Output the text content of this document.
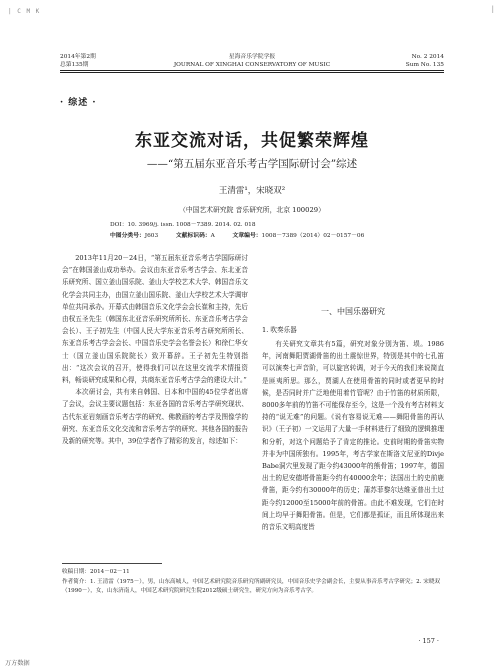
| C M K	|
2014年第2期
总第135期
星海音乐学院学报
JOURNAL OF XINGHAI CONSERVATORY OF MUSIC
No. 2 2014
Sum No. 135
· 综述 ·
东亚交流对话，共促繁荣辉煌
——“第五届东亚音乐考古学国际研讨会”综述
王清雷¹，宋晓双²
（中国艺术研究院 音乐研究所，北京 100029）
DOI：10. 3969/j. issn. 1008－7389. 2014. 02. 018
中图分类号：J603	文献标识码：A	文章编号：1008－7389（2014）02－0157－06

2013年11月20－24日，“第五届东亚音乐考古学国际研讨会”在韩国釜山成功举办。会议由东亚音乐考古学会、东北亚音乐研究所、国立釜山国乐院、釜山大学校艺术大学、韩国音乐文化学会共同主办，由国立釜山国乐院、釜山大学校艺术大学调审单位共同承办。开幕式由韩国音乐文化学会会长崔和主持，先后由权五圣先生（韩国东北亚音乐研究所所长、东亚音乐考古学会会长）、王子初先生（中国人民大学东亚音乐考古研究所所长、东亚音乐考古学会会长、中国音乐史学会名誉会长）和徐仁华女士（国立釜山国乐院院长）致开幕辞。王子初先生特别指出：“这次会议的召开，使得我们可以在这里交流学术情报资料，畅谈研究成果和心得，共商东亚音乐考古学会的建设大计。”

本次研讨会，共有来自韩国、日本和中国的45位学者出席了会议，会议主要议题包括：东亚各国的音乐考古学研究现状、古代东亚岩刻画音乐考古学的研究、佛教画的考古学及图像学的研究、东亚音乐文化交流和音乐考古学的研究、其他各国的报告及新的研究等。其中，39位学者作了精彩的发言，综述如下：

一、中国乐器研究
1. 吹奏乐器

有关研究文章共有5篇，研究对象分别为笛、埙。1986年，河南舞阳贾湖骨笛的出土震惊世界，特别是其中的七孔笛可以演奏七声音阶，可以旋宫转调，对于今天的我们来说简直是匪夷所思。那么，贾湖人在使用骨笛的同时或者更早的时候，是否同时并广泛地使用着竹管呢？由于竹笛的材质所限，8000多年前的竹笛不可能保存至今，这是一个没有考古材料支持的“说无难”的问题。《说有容易说无难——舞阳骨笛的再认识》（王子初）一文运用了大量一手材料进行了细致的逻辑推理和分析，对这个问题给予了肯定的推论。史前时期的骨笛实物并非为中国所独有。1995年，考古学家在斯洛文尼亚的Divje Babe洞穴里发现了距今约43000年的熊骨笛；1997年，德国出土的尼安德塔骨笛距今约有40000余年；法国出土的史前鹿骨笛，距今约有30000年的历史；蒲苏菲黎尔达维亚普出土过距今约12000至15000年前的骨笛。由此不难发现，它们在时间上均早于舞阳骨笛。但是，它们都是孤证，而且所体现出来的音乐文明高度皆

收稿日期：2014－02－11
作者简介：1. 王清雷（1975－），男，山东高城人，中国艺术研究院音乐研究所副研究员，中国音乐史学会副会长，主要从事音乐考古学研究；2. 宋晓双（1990－），女，山东济南人，中国艺术研究院研究生院2012级硕士研究生，研究方向为音乐考古学。
· 157 ·
万方数据
